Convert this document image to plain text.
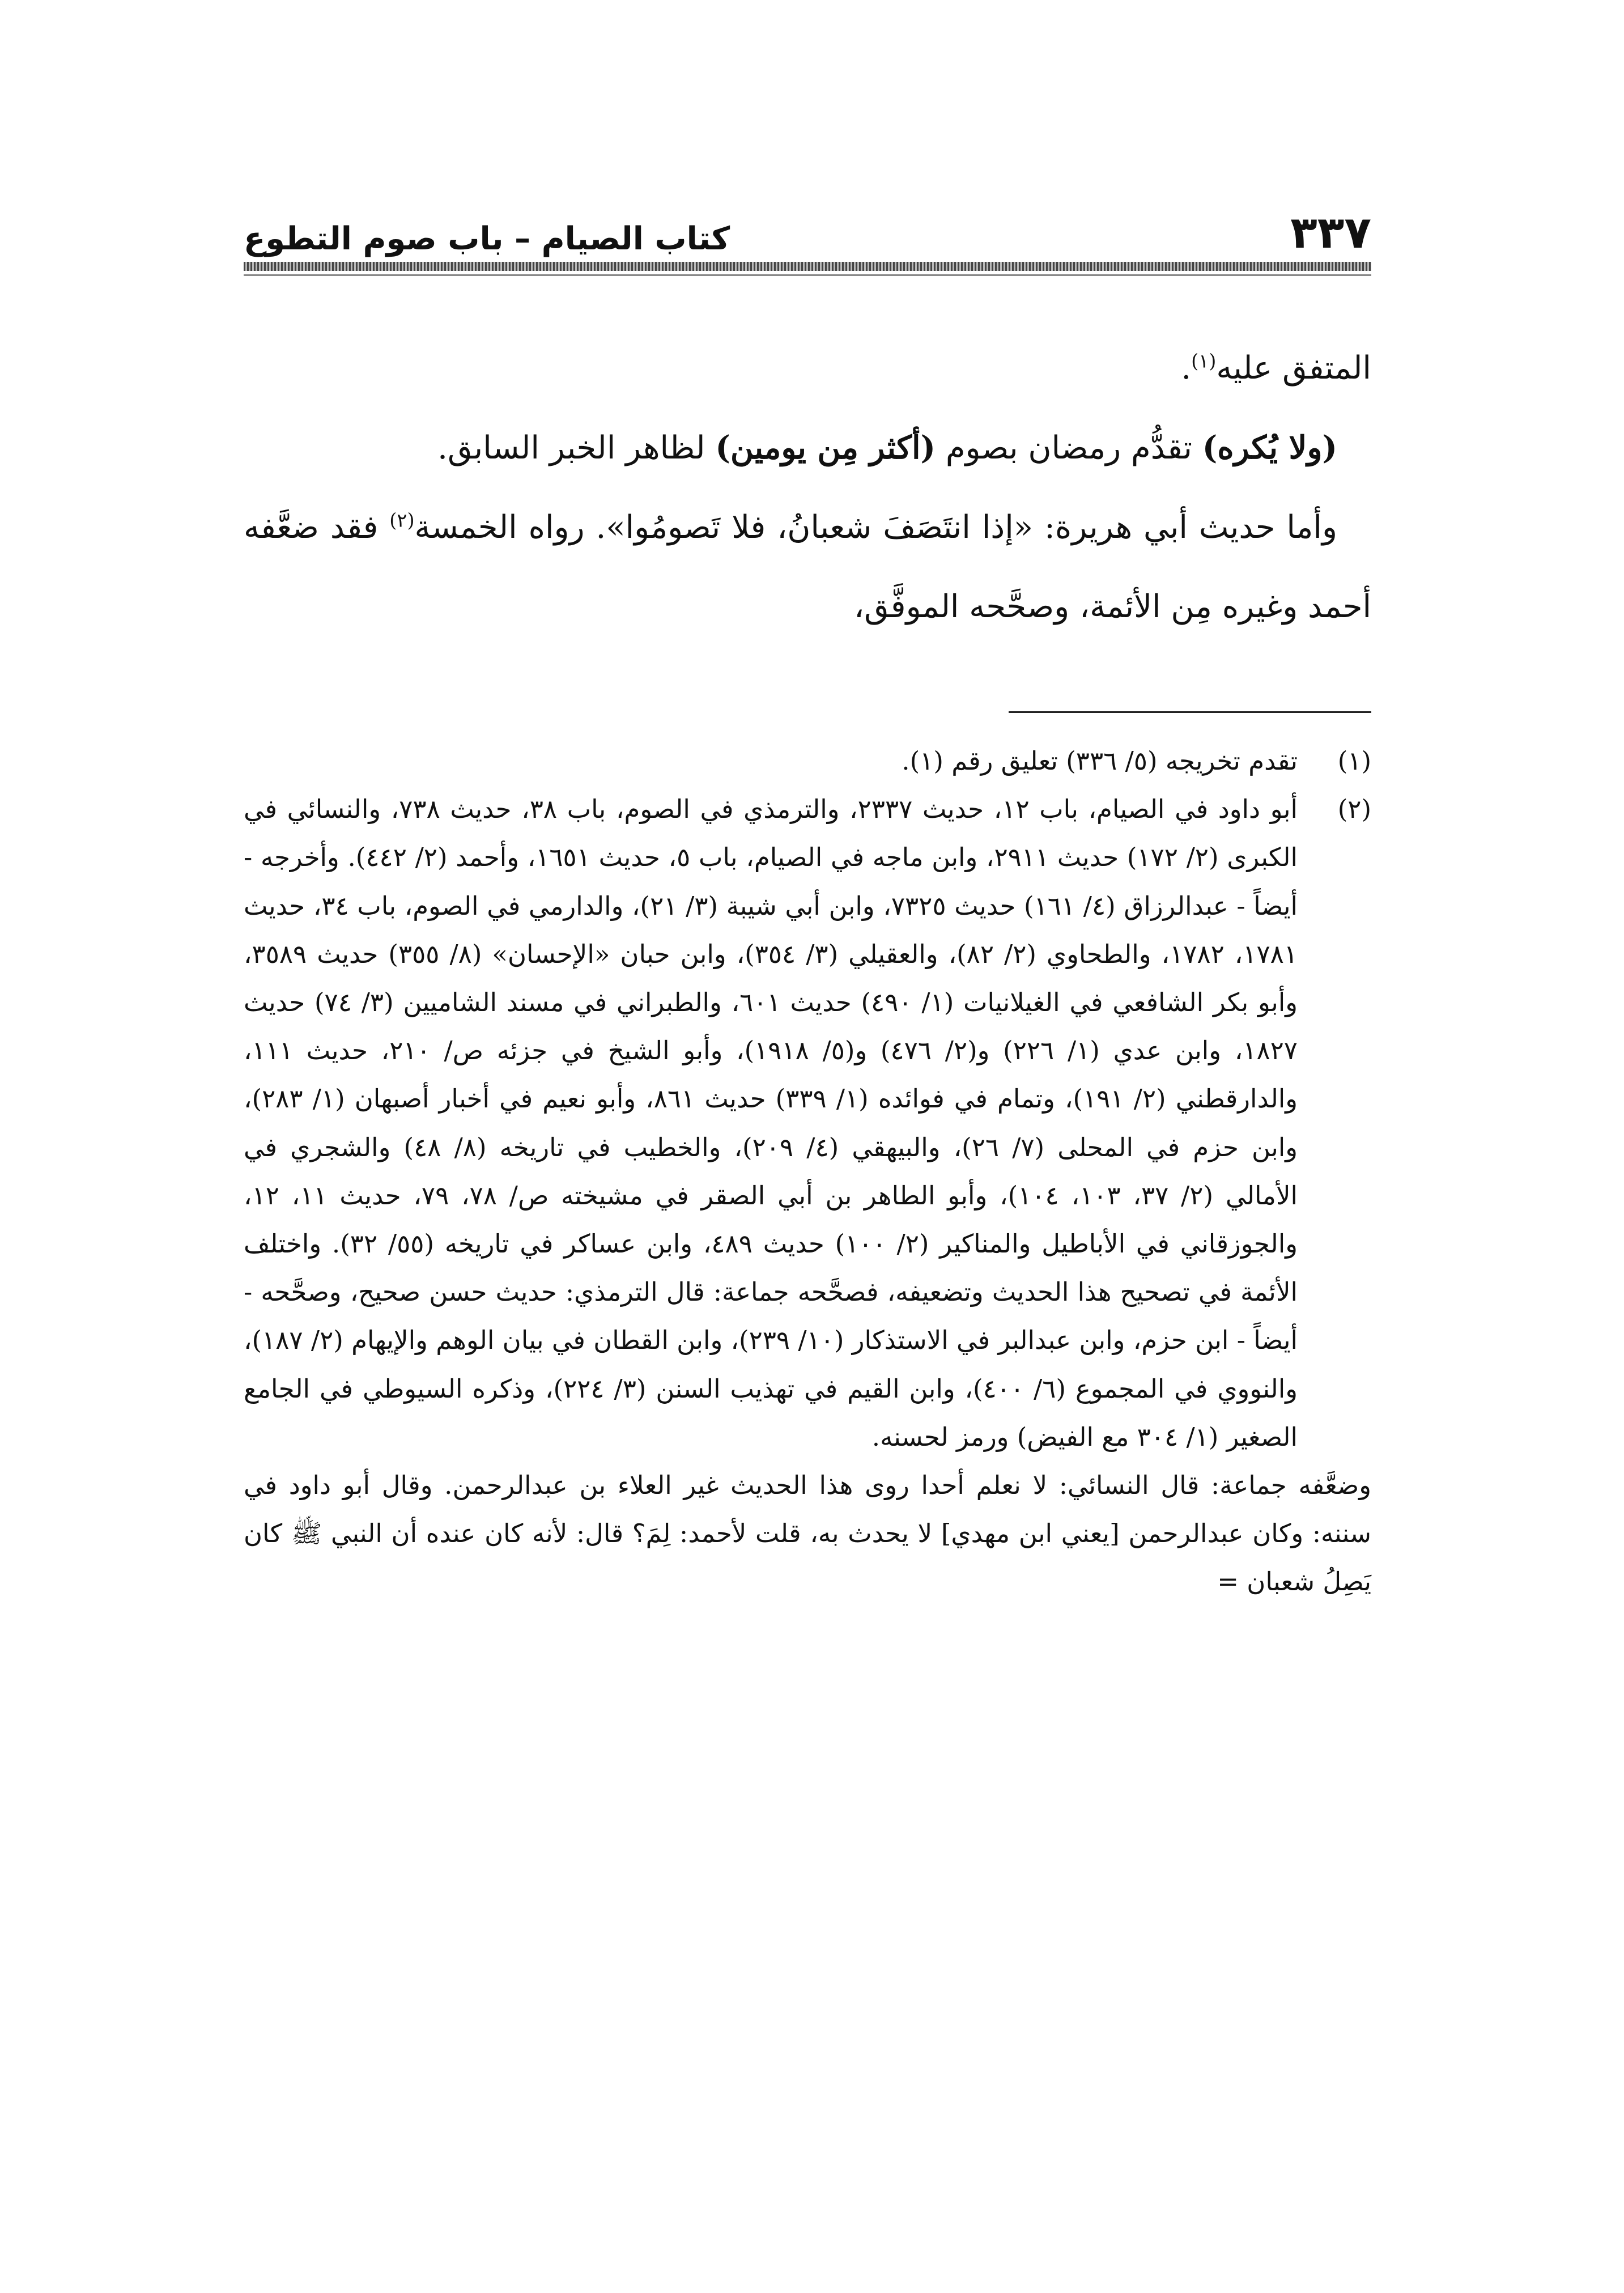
٣٣٧
كتاب الصيام – باب صوم التطوع

المتفق عليه$^{(١)}$.

(ولا يُكره) تقدُّم رمضان بصوم (أكثر مِن يومين) لظاهر الخبر السابق.

وأما حديث أبي هريرة: «إذا انتَصَفَ شعبانُ، فلا تَصومُوا». رواه الخمسة$^{(٢)}$ فقد ضعَّفه أحمد وغيره مِن الأئمة، وصحَّحه الموفَّق،

(١)
تقدم تخريجه (٥/ ٣٣٦) تعليق رقم (١).
(٢)
أبو داود في الصيام، باب ١٢، حديث ٢٣٣٧، والترمذي في الصوم، باب ٣٨، حديث ٧٣٨، والنسائي في الكبرى (٢/ ١٧٢) حديث ٢٩١١، وابن ماجه في الصيام، باب ٥، حديث ١٦٥١، وأحمد (٢/ ٤٤٢). وأخرجه - أيضاً - عبدالرزاق (٤/ ١٦١) حديث ٧٣٢٥، وابن أبي شيبة (٣/ ٢١)، والدارمي في الصوم، باب ٣٤، حديث ١٧٨١، ١٧٨٢، والطحاوي (٢/ ٨٢)، والعقيلي (٣/ ٣٥٤)، وابن حبان «الإحسان» (٨/ ٣٥٥) حديث ٣٥٨٩، وأبو بكر الشافعي في الغيلانيات (١/ ٤٩٠) حديث ٦٠١، والطبراني في مسند الشاميين (٣/ ٧٤) حديث ١٨٢٧، وابن عدي (١/ ٢٢٦) و(٢/ ٤٧٦) و(٥/ ١٩١٨)، وأبو الشيخ في جزئه ص/ ٢١٠، حديث ١١١، والدارقطني (٢/ ١٩١)، وتمام في فوائده (١/ ٣٣٩) حديث ٨٦١، وأبو نعيم في أخبار أصبهان (١/ ٢٨٣)، وابن حزم في المحلى (٧/ ٢٦)، والبيهقي (٤/ ٢٠٩)، والخطيب في تاريخه (٨/ ٤٨) والشجري في الأمالي (٢/ ٣٧، ١٠٣، ١٠٤)، وأبو الطاهر بن أبي الصقر في مشيخته ص/ ٧٨، ٧٩، حديث ١١، ١٢، والجوزقاني في الأباطيل والمناكير (٢/ ١٠٠) حديث ٤٨٩، وابن عساكر في تاريخه (٥٥/ ٣٢). واختلف الأئمة في تصحيح هذا الحديث وتضعيفه، فصحَّحه جماعة: قال الترمذي: حديث حسن صحيح، وصحَّحه - أيضاً - ابن حزم، وابن عبدالبر في الاستذكار (١٠/ ٢٣٩)، وابن القطان في بيان الوهم والإيهام (٢/ ١٨٧)، والنووي في المجموع (٦/ ٤٠٠)، وابن القيم في تهذيب السنن (٣/ ٢٢٤)، وذكره السيوطي في الجامع الصغير (١/ ٣٠٤ مع الفيض) ورمز لحسنه.

وضعَّفه جماعة: قال النسائي: لا نعلم أحدا روى هذا الحديث غير العلاء بن عبدالرحمن. وقال أبو داود في سننه: وكان عبدالرحمن [يعني ابن مهدي] لا يحدث به، قلت لأحمد: لِمَ؟ قال: لأنه كان عنده أن النبي ﷺ كان يَصِلُ شعبان =
